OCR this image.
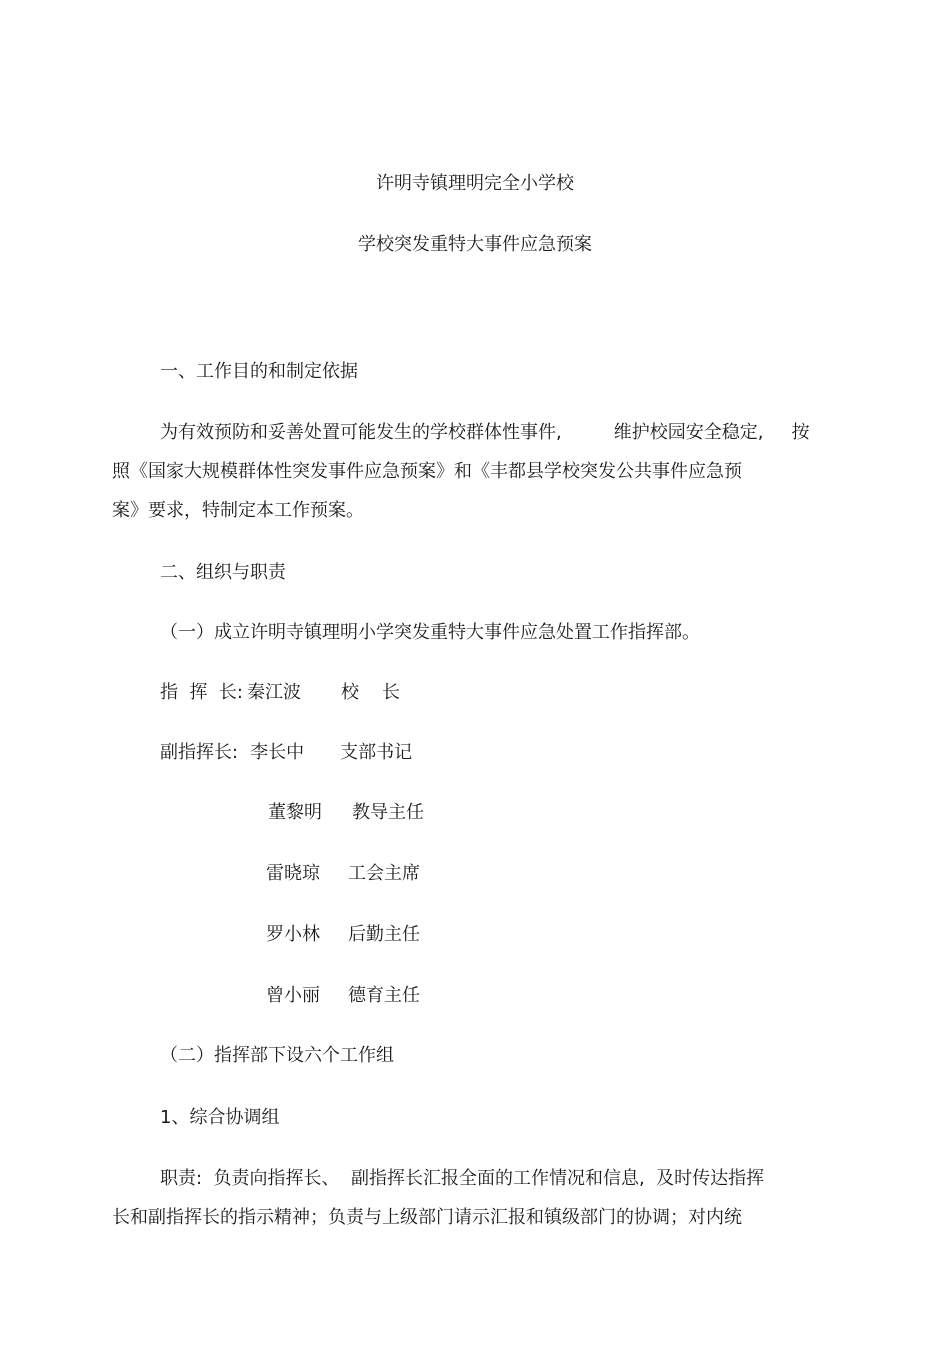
许明寺镇理明完全小学校
学校突发重特大事件应急预案
一、工作目的和制定依据
为有效预防和妥善处置可能发生的学校群体性事件,	维护校园安全稳定, 按
照《国家大规模群体性突发事件应急预案》和《丰都县学校突发公共事件应急预
案》要求，特制定本工作预案。
二、组织与职责
（一）成立许明寺镇理明小学突发重特大事件应急处置工作指挥部。
指  挥  长: 秦江波 校    长
副指挥长: 李长中 支部书记
董黎明 教导主任
雷晓琼 工会主席
罗小林 后勤主任
曾小丽 德育主任
（二）指挥部下设六个工作组
1、综合协调组
职责:  负责向指挥长、  副指挥长汇报全面的工作情况和信息,  及时传达指挥
长和副指挥长的指示精神；负责与上级部门请示汇报和镇级部门的协调；对内统
